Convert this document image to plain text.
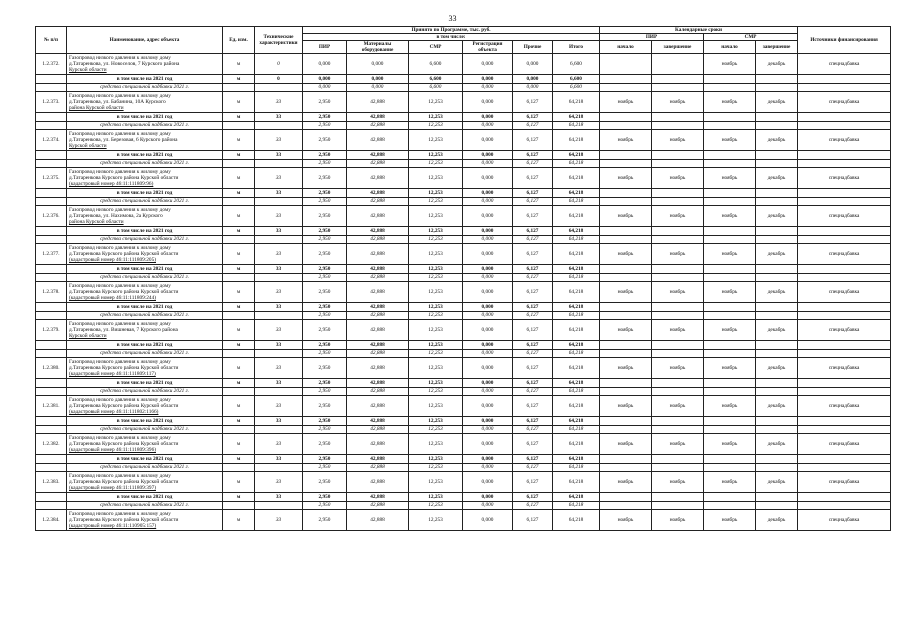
33
№ п/п	Наименование, адрес объекта	Ед. изм.	Технические характеристики	Принято по Программе, тыс. руб.						Календарные сроки				Источники финансирования
				в том числе:						ПИР		СМР		
				ПИР	Материалы оборудование	СМР	Регистрация объекта	Прочие	Итого	начало	завершение	начало	завершение	
1.2.372.	Газопровод низкого давления к жилому дому
д.Татаренкова, ул. Новоселов, 7 Курского района
Курской области	м	0	0,000	0,000	6,600	0,000	0,000	6,600			ноябрь	декабрь	спецнадбавка
	в том числе на 2021 год	м	0	0,000	0,000	6,600	0,000	0,000	6,600					
	средства специальной надбавки 2021 г.			0,000	0,000	6,600	0,000	0,000	6,600					
1.2.373.	Газопровод низкого давления к жилому дому
д.Татаренкова, ул. Бабанина, 10А Курского
района Курской области	м	33	2,950	42,888	12,253	0,000	6,127	64,218	ноябрь	ноябрь	ноябрь	декабрь	спецнадбавка
	в том числе на 2021 год	м	33	2,950	42,888	12,253	0,000	6,127	64,218					
	средства специальной надбавки 2021 г.			2,950	42,888	12,253	0,000	6,127	64,218					
1.2.374.	Газопровод низкого давления к жилому дому
д.Татаренкова, ул. Березовая, 6 Курского района
Курской области	м	33	2,950	42,888	12,253	0,000	6,127	64,218	ноябрь	ноябрь	ноябрь	декабрь	спецнадбавка
	в том числе на 2021 год	м	33	2,950	42,888	12,253	0,000	6,127	64,218					
	средства специальной надбавки 2021 г.			2,950	42,888	12,253	0,000	6,127	64,218					
1.2.375.	Газопровод низкого давления к жилому дому
д.Татаренкова Курского района Курской области
(кадастровый номер 46:11:111809:96)	м	33	2,950	42,888	12,253	0,000	6,127	64,218	ноябрь	ноябрь	ноябрь	декабрь	спецнадбавка
	в том числе на 2021 год	м	33	2,950	42,888	12,253	0,000	6,127	64,218					
	средства специальной надбавки 2021 г.			2,950	42,888	12,253	0,000	6,127	64,218					
1.2.376.	Газопровод низкого давления к жилому дому
д.Татаренкова, ул. Нахимова, 2а Курского
района Курской области	м	33	2,950	42,888	12,253	0,000	6,127	64,218	ноябрь	ноябрь	ноябрь	декабрь	спецнадбавка
	в том числе на 2021 год	м	33	2,950	42,888	12,253	0,000	6,127	64,218					
	средства специальной надбавки 2021 г.			2,950	42,888	12,253	0,000	6,127	64,218					
1.2.377.	Газопровод низкого давления к жилому дому
д.Татаренкова Курского района Курской области
(кадастровый номер 46:11:111809:205)	м	33	2,950	42,888	12,253	0,000	6,127	64,218	ноябрь	ноябрь	ноябрь	декабрь	спецнадбавка
	в том числе на 2021 год	м	33	2,950	42,888	12,253	0,000	6,127	64,218					
	средства специальной надбавки 2021 г.			2,950	42,888	12,253	0,000	6,127	64,218					
1.2.378.	Газопровод низкого давления к жилому дому
д.Татаренкова Курского района Курской области
(кадастровый номер 46:11:111809:244)	м	33	2,950	42,888	12,253	0,000	6,127	64,218	ноябрь	ноябрь	ноябрь	декабрь	спецнадбавка
	в том числе на 2021 год	м	33	2,950	42,888	12,253	0,000	6,127	64,218					
	средства специальной надбавки 2021 г.			2,950	42,888	12,253	0,000	6,127	64,218					
1.2.379.	Газопровод низкого давления к жилому дому
д.Татаренкова, ул. Вишневая, 7 Курского района
Курской области	м	33	2,950	42,888	12,253	0,000	6,127	64,218	ноябрь	ноябрь	ноябрь	декабрь	спецнадбавка
	в том числе на 2021 год	м	33	2,950	42,888	12,253	0,000	6,127	64,218					
	средства специальной надбавки 2021 г.			2,950	42,888	12,253	0,000	6,127	64,218					
1.2.380.	Газопровод низкого давления к жилому дому
д.Татаренкова Курского района Курской области
(кадастровый номер 46:11:111809:117)	м	33	2,950	42,888	12,253	0,000	6,127	64,218	ноябрь	ноябрь	ноябрь	декабрь	спецнадбавка
	в том числе на 2021 год	м	33	2,950	42,888	12,253	0,000	6,127	64,218					
	средства специальной надбавки 2021 г.			2,950	42,888	12,253	0,000	6,127	64,218					
1.2.381.	Газопровод низкого давления к жилому дому
д.Татаренкова Курского района Курской области
(кадастровый номер 46:11:111802:1166)	м	33	2,950	42,888	12,253	0,000	6,127	64,218	ноябрь	ноябрь	ноябрь	декабрь	спецнадбавка
	в том числе на 2021 год	м	33	2,950	42,888	12,253	0,000	6,127	64,218					
	средства специальной надбавки 2021 г.			2,950	42,888	12,253	0,000	6,127	64,218					
1.2.382.	Газопровод низкого давления к жилому дому
д.Татаренкова Курского района Курской области
(кадастровый номер 46:11:111809:396)	м	33	2,950	42,888	12,253	0,000	6,127	64,218	ноябрь	ноябрь	ноябрь	декабрь	спецнадбавка
	в том числе на 2021 год	м	33	2,950	42,888	12,253	0,000	6,127	64,218					
	средства специальной надбавки 2021 г.			2,950	42,888	12,253	0,000	6,127	64,218					
1.2.383.	Газопровод низкого давления к жилому дому
д.Татаренкова Курского района Курской области
(кадастровый номер 46:11:111809:397)	м	33	2,950	42,888	12,253	0,000	6,127	64,218	ноябрь	ноябрь	ноябрь	декабрь	спецнадбавка
	в том числе на 2021 год	м	33	2,950	42,888	12,253	0,000	6,127	64,218					
	средства специальной надбавки 2021 г.			2,950	42,888	12,253	0,000	6,127	64,218					
1.2.384.	Газопровод низкого давления к жилому дому
д.Татаренкова Курского района Курской области
(кадастровый номер 46:11:110905:157)	м	33	2,950	42,888	12,253	0,000	6,127	64,218	ноябрь	ноябрь	ноябрь	декабрь	спецнадбавка
